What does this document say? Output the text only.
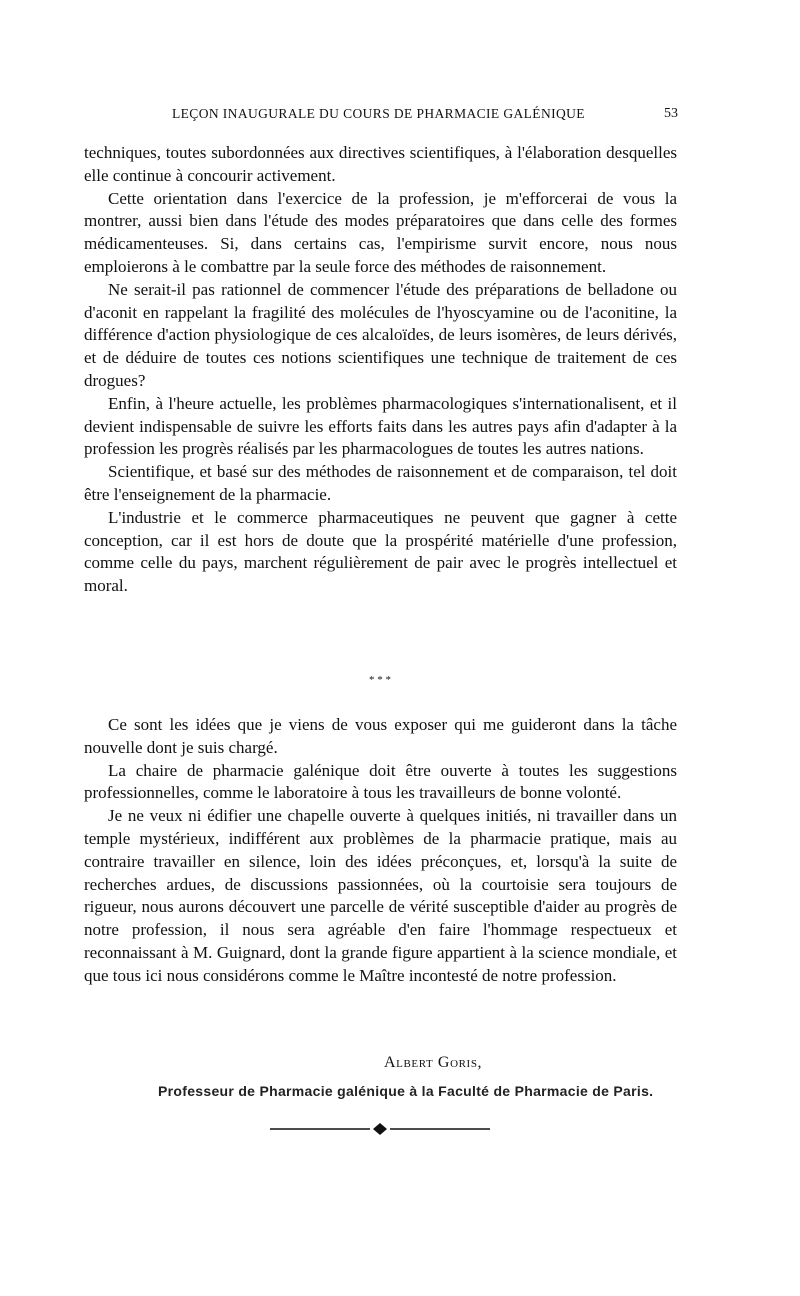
LEÇON INAUGURALE DU COURS DE PHARMACIE GALÉNIQUE	53

techniques, toutes subordonnées aux directives scientifiques, à l'élaboration desquelles elle continue à concourir activement.

Cette orientation dans l'exercice de la profession, je m'efforcerai de vous la montrer, aussi bien dans l'étude des modes préparatoires que dans celle des formes médicamenteuses. Si, dans certains cas, l'empirisme survit encore, nous nous emploierons à le combattre par la seule force des méthodes de raisonnement.

Ne serait-il pas rationnel de commencer l'étude des préparations de belladone ou d'aconit en rappelant la fragilité des molécules de l'hyoscyamine ou de l'aconitine, la différence d'action physiologique de ces alcaloïdes, de leurs isomères, de leurs dérivés, et de déduire de toutes ces notions scientifiques une technique de traitement de ces drogues?

Enfin, à l'heure actuelle, les problèmes pharmacologiques s'internationalisent, et il devient indispensable de suivre les efforts faits dans les autres pays afin d'adapter à la profession les progrès réalisés par les pharmacologues de toutes les autres nations.

Scientifique, et basé sur des méthodes de raisonnement et de comparaison, tel doit être l'enseignement de la pharmacie.

L'industrie et le commerce pharmaceutiques ne peuvent que gagner à cette conception, car il est hors de doute que la prospérité matérielle d'une profession, comme celle du pays, marchent régulièrement de pair avec le progrès intellectuel et moral.

* * *

Ce sont les idées que je viens de vous exposer qui me guideront dans la tâche nouvelle dont je suis chargé.

La chaire de pharmacie galénique doit être ouverte à toutes les suggestions professionnelles, comme le laboratoire à tous les travailleurs de bonne volonté.

Je ne veux ni édifier une chapelle ouverte à quelques initiés, ni travailler dans un temple mystérieux, indifférent aux problèmes de la pharmacie pratique, mais au contraire travailler en silence, loin des idées préconçues, et, lorsqu'à la suite de recherches ardues, de discussions passionnées, où la courtoisie sera toujours de rigueur, nous aurons découvert une parcelle de vérité susceptible d'aider au progrès de notre profession, il nous sera agréable d'en faire l'hommage respectueux et reconnaissant à M. Guignard, dont la grande figure appartient à la science mondiale, et que tous ici nous considérons comme le Maître incontesté de notre profession.

Albert Goris,
Professeur de Pharmacie galénique à la Faculté de Pharmacie de Paris.
